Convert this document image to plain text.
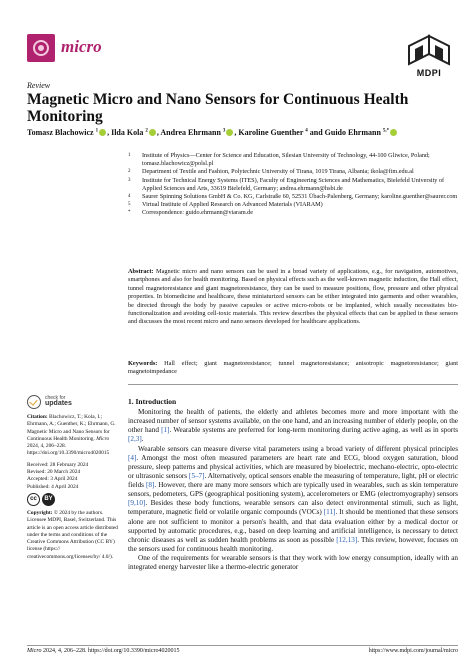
micro
MDPI
Review
Magnetic Micro and Nano Sensors for Continuous Health Monitoring
Tomasz Blachowicz $^1$ , Ilda Kola $^2$ , Andrea Ehrmann $^3$ , Karoline Guenther $^4$ and Guido Ehrmann $^{5,*}$
1	Institute of Physics—Center for Science and Education, Silesian University of Technology, 44-100 Gliwice, Poland; tomasz.blachowicz@polsl.pl
2	Department of Textile and Fashion, Polytechnic University of Tirana, 1019 Tirana, Albania; ikola@fim.edu.al
3	Institute for Technical Energy Systems (ITES), Faculty of Engineering Sciences and Mathematics, Bielefeld University of Applied Sciences and Arts, 33619 Bielefeld, Germany; andrea.ehrmann@hsbi.de
4	Saurer Spinning Solutions GmbH & Co. KG, Carlstraße 60, 52531 Übach-Palenberg, Germany; karoline.guenther@saurer.com
5	Virtual Institute of Applied Research on Advanced Materials (VIARAM)
*	Correspondence: guido.ehrmann@viaram.de
Abstract: Magnetic micro and nano sensors can be used in a broad variety of applications, e.g., for navigation, automotives, smartphones and also for health monitoring. Based on physical effects such as the well-known magnetic induction, the Hall effect, tunnel magnetoresistance and giant magnetoresistance, they can be used to measure positions, flow, pressure and other physical properties. In biomedicine and healthcare, these miniaturized sensors can be either integrated into garments and other wearables, be directed through the body by passive capsules or active micro-robots or be implanted, which usually necessitates bio-functionalization and avoiding cell-toxic materials. This review describes the physical effects that can be applied in these sensors and discusses the most recent micro and nano sensors developed for healthcare applications.
Keywords: Hall effect; giant magnetoresistance; tunnel magnetoresistance; anisotropic magnetoresistance; giant magnetoimpedance
check for
updates

Citation: Blachowicz, T.; Kola, I.; Ehrmann, A.; Guenther, K.; Ehrmann, G. Magnetic Micro and Nano Sensors for Continuous Health Monitoring. Micro 2024, 4, 206–228. https://doi.org/10.3390/micro4020015

Received: 28 February 2024
Revised: 20 March 2024
Accepted: 3 April 2024
Published: 4 April 2024
cc	BY

Copyright: © 2024 by the authors. Licensee MDPI, Basel, Switzerland. This article is an open access article distributed under the terms and conditions of the Creative Commons Attribution (CC BY) license (https:// creativecommons.org/licenses/by/ 4.0/).

1. Introduction

Monitoring the health of patients, the elderly and athletes becomes more and more important with the increased number of sensor systems available, on the one hand, and an increasing number of elderly people, on the other hand [1]. Wearable systems are preferred for long-term monitoring during active aging, as well as in sports [2,3].

Wearable sensors can measure diverse vital parameters using a broad variety of different physical principles [4]. Amongst the most often measured parameters are heart rate and ECG, blood oxygen saturation, blood pressure, sleep patterns and physical activities, which are measured by bioelectric, mechano-electric, opto-electric or ultrasonic sensors [5–7]. Alternatively, optical sensors enable the measuring of temperature, light, pH or electric fields [8]. However, there are many more sensors which are typically used in wearables, such as skin temperature sensors, pedometers, GPS (geographical positioning system), accelerometers or EMG (electromyography) sensors [9,10]. Besides these body functions, wearable sensors can also detect environmental stimuli, such as light, temperature, magnetic field or volatile organic compounds (VOCs) [11]. It should be mentioned that these sensors alone are not sufficient to monitor a person's health, and that data evaluation either by a medical doctor or supported by automatic procedures, e.g., based on deep learning and artificial intelligence, is necessary to detect chronic diseases as well as sudden health problems as soon as possible [12,13]. This review, however, focuses on the sensors used for continuous health monitoring.

One of the requirements for wearable sensors is that they work with low energy consumption, ideally with an integrated energy harvester like a thermo-electric generator

Micro 2024, 4, 206–228. https://doi.org/10.3390/micro4020015	https://www.mdpi.com/journal/micro
